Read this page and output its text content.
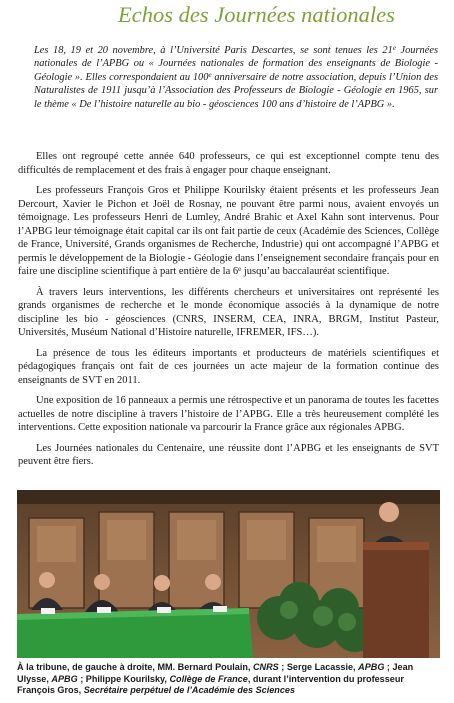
Echos des Journées nationales

Les 18, 19 et 20 novembre, à l’Université Paris Descartes, se sont tenues les 21e Journées nationales de l’APBG ou « Journées nationales de formation des enseignants de Biologie - Géologie ». Elles correspondaient au 100e anniversaire de notre association, depuis l’Union des Naturalistes de 1911 jusqu’à l’Association des Professeurs de Biologie - Géologie en 1965, sur le thème « De l’histoire naturelle au bio - géosciences 100 ans d’histoire de l’APBG ».

Elles ont regroupé cette année 640 professeurs, ce qui est exceptionnel compte tenu des difficultés de remplacement et des frais à engager pour chaque enseignant.

Les professeurs François Gros et Philippe Kourilsky étaient présents et les professeurs Jean Dercourt, Xavier le Pichon et Joël de Rosnay, ne pouvant être parmi nous, avaient envoyés un témoignage. Les professeurs Henri de Lumley, André Brahic et Axel Kahn sont intervenus. Pour l’APBG leur témoignage était capital car ils ont fait partie de ceux (Académie des Sciences, Collège de France, Université, Grands organismes de Recherche, Industrie) qui ont accompagné l’APBG et permis le développement de la Biologie - Géologie dans l’enseignement secondaire français pour en faire une discipline scientifique à part entière de la 6e jusqu’au baccalauréat scientifique.

À travers leurs interventions, les différents chercheurs et universitaires ont représenté les grands organismes de recherche et le monde économique associés à la dynamique de notre discipline les bio - géosciences (CNRS, INSERM, CEA, INRA, BRGM, Institut Pasteur, Universités, Muséum National d’Histoire naturelle, IFREMER, IFS…).

La présence de tous les éditeurs importants et producteurs de matériels scientifiques et pédagogiques français ont fait de ces journées un acte majeur de la formation continue des enseignants de SVT en 2011.

Une exposition de 16 panneaux a permis une rétrospective et un panorama de toutes les facettes actuelles de notre discipline à travers l’histoire de l’APBG. Elle a très heureusement complété les interventions. Cette exposition nationale va parcourir la France grâce aux régionales APBG.

Les Journées nationales du Centenaire, une réussite dont l’APBG et les enseignants de SVT peuvent être fiers.

À la tribune, de gauche à droite, MM. Bernard Poulain, CNRS ; Serge Lacassie, APBG ; Jean Ulysse, APBG ; Philippe Kourilsky, Collège de France, durant l’intervention du professeur François Gros, Secrétaire perpétuel de l’Académie des Sciences
